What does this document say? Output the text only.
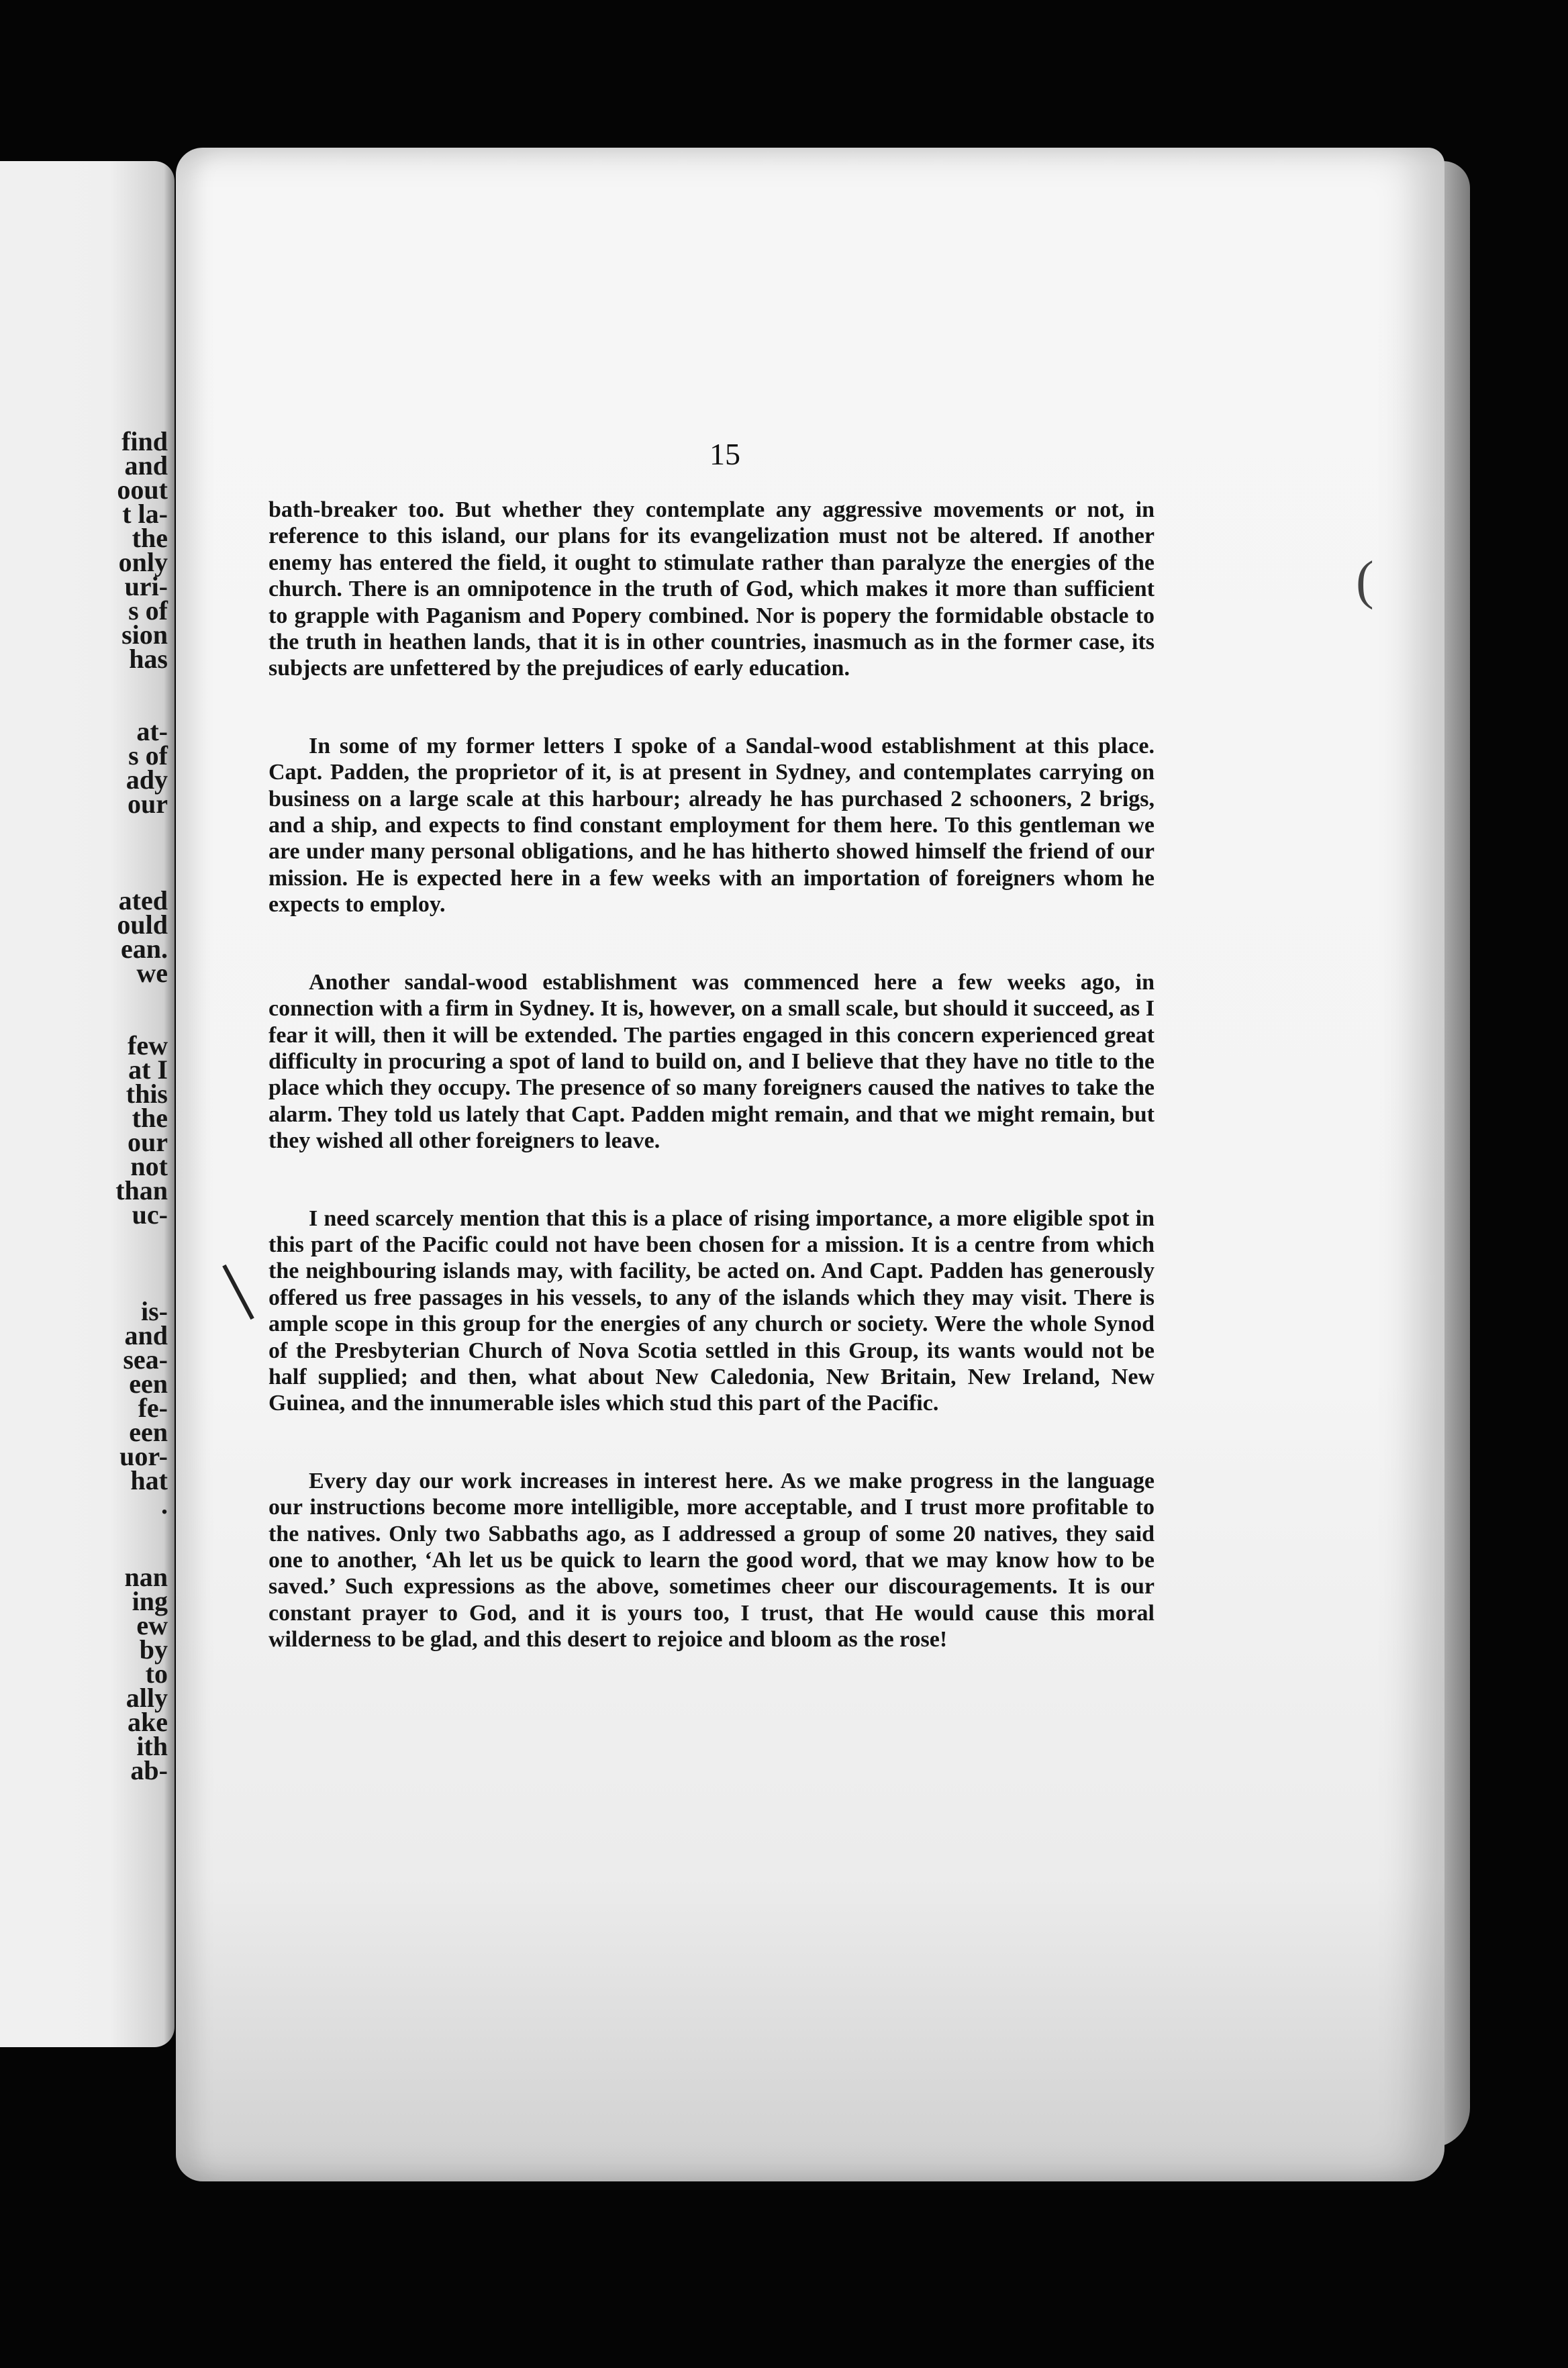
find
and
oout
t la-
the
only
uri-
s of
sion
has
at-
s of
ady
our
ated
ould
ean.
we
few
at I
this
the
our
not
than
uc-
is-
and
sea-
een
fe-
een
uor-
hat
.
nan
ing
ew
by
to
ally
ake
ith
ab-
15

bath-breaker too. But whether they contemplate any aggressive movements or not, in reference to this island, our plans for its evangelization must not be altered. If another enemy has entered the field, it ought to stimulate rather than paralyze the energies of the church. There is an omnipotence in the truth of God, which makes it more than sufficient to grapple with Paganism and Popery combined. Nor is popery the formidable obstacle to the truth in heathen lands, that it is in other countries, inasmuch as in the former case, its subjects are unfettered by the prejudices of early education.

In some of my former letters I spoke of a Sandal-wood establishment at this place. Capt. Padden, the proprietor of it, is at present in Sydney, and contemplates carrying on business on a large scale at this harbour; already he has purchased 2 schooners, 2 brigs, and a ship, and expects to find constant employment for them here. To this gentleman we are under many personal obligations, and he has hitherto showed himself the friend of our mission. He is expected here in a few weeks with an importation of foreigners whom he expects to employ.

Another sandal-wood establishment was commenced here a few weeks ago, in connection with a firm in Sydney. It is, however, on a small scale, but should it succeed, as I fear it will, then it will be extended. The parties engaged in this concern experienced great difficulty in procuring a spot of land to build on, and I believe that they have no title to the place which they occupy. The presence of so many foreigners caused the natives to take the alarm. They told us lately that Capt. Padden might remain, and that we might remain, but they wished all other foreigners to leave.

I need scarcely mention that this is a place of rising importance, a more eligible spot in this part of the Pacific could not have been chosen for a mission. It is a centre from which the neighbouring islands may, with facility, be acted on. And Capt. Padden has generously offered us free passages in his vessels, to any of the islands which they may visit. There is ample scope in this group for the energies of any church or society. Were the whole Synod of the Presbyterian Church of Nova Scotia settled in this Group, its wants would not be half supplied; and then, what about New Caledonia, New Britain, New Ireland, New Guinea, and the innumerable isles which stud this part of the Pacific.

Every day our work increases in interest here. As we make progress in the language our instructions become more intelligible, more acceptable, and I trust more profitable to the natives. Only two Sabbaths ago, as I addressed a group of some 20 natives, they said one to another, ‘Ah let us be quick to learn the good word, that we may know how to be saved.’ Such expressions as the above, sometimes cheer our discouragements. It is our constant prayer to God, and it is yours too, I trust, that He would cause this moral wilderness to be glad, and this desert to rejoice and bloom as the rose!

(
